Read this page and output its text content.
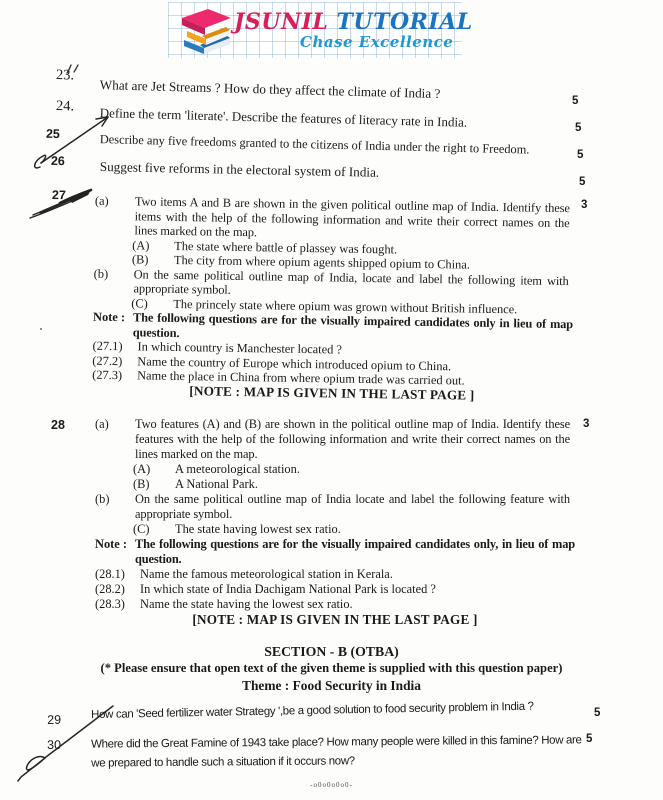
JSUNIL TUTORIAL
Chase Excellence
23.
What are Jet Streams ? How do they affect the climate of India ?
24. Define the term 'literate'. Describe the features of literacy rate in India.
25	Describe any five freedoms granted to the citizens of India under the right to Freedom.
26	Suggest five reforms in the electoral system of India.
27 (a) Two items A and B are shown in the given political outline map of India. Identify these items with the help of the following information and write their correct names on the lines marked on the map.
(A) The state where battle of plassey was fought.
(B) The city from where opium agents shipped opium to China.
(b) On the same political outline map of India, locate and label the following item with appropriate symbol.
(C) The princely state where opium was grown without British influence.
Note : The following questions are for the visually impaired candidates only in lieu of map question.
(27.1) In which country is Manchester located ?
(27.2) Name the country of Europe which introduced opium to China.
(27.3) Name the place in China from where opium trade was carried out.
[NOTE : MAP IS GIVEN IN THE LAST PAGE ]
28 (a) Two features (A) and (B) are shown in the political outline map of India. Identify these features with the help of the following information and write their correct names on the lines marked on the map.
(A) A meteorological station.
(B) A National Park.
(b) On the same political outline map of India locate and label the following feature with appropriate symbol.
(C) The state having lowest sex ratio.
Note : The following questions are for the visually impaired candidates only, in lieu of map question.
(28.1) Name the famous meteorological station in Kerala.
(28.2) In which state of India Dachigam National Park is located ?
(28.3) Name the state having the lowest sex ratio.
[NOTE : MAP IS GIVEN IN THE LAST PAGE ]
SECTION - B (OTBA)
(* Please ensure that open text of the given theme is supplied with this question paper)
Theme : Food Security in India
29	How can 'Seed fertilizer water Strategy ',be a good solution to food security problem in India ?
30	Where did the Great Famine of 1943 take place? How many people were killed in this famine? How are we prepared to handle such a situation if it occurs now?
5
5
5
5
3
3
5
5
-o0o0o0o0-
